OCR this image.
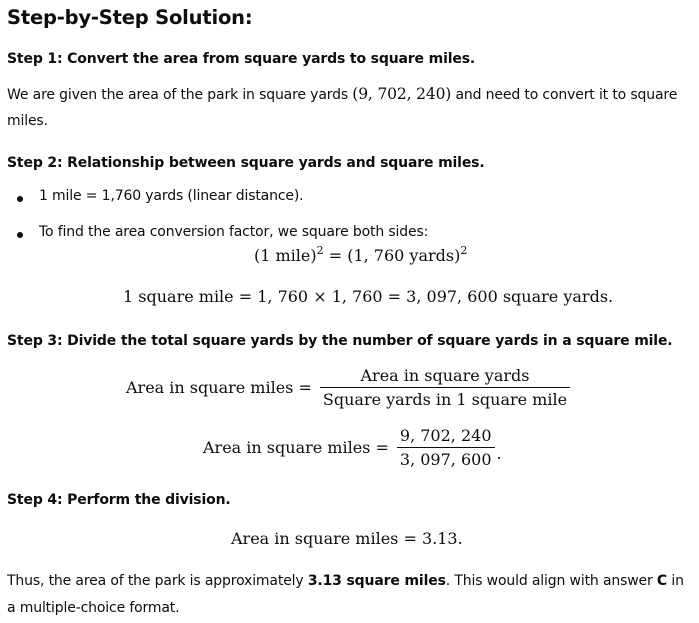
Step-by-Step Solution:
Step 1: Convert the area from square yards to square miles.
We are given the area of the park in square yards (9, 702, 240) and need to convert it to square
miles.
Step 2: Relationship between square yards and square miles.
1 mile = 1,760 yards (linear distance).
To find the area conversion factor, we square both sides:
(1 mile)$^2$ = (1, 760 yards)$^2$
1 square mile = 1, 760 × 1, 760 = 3, 097, 600 square yards.
Step 3: Divide the total square yards by the number of square yards in a square mile.
Area in square miles = $\frac{\text{Area in square yards}}{\text{Square yards in 1 square mile}}$
Area in square miles = $\frac{9, 702, 240}{3, 097, 600}$ .
Step 4: Perform the division.
Area in square miles = 3.13.
Thus, the area of the park is approximately 3.13 square miles. This would align with answer C in
a multiple-choice format.
